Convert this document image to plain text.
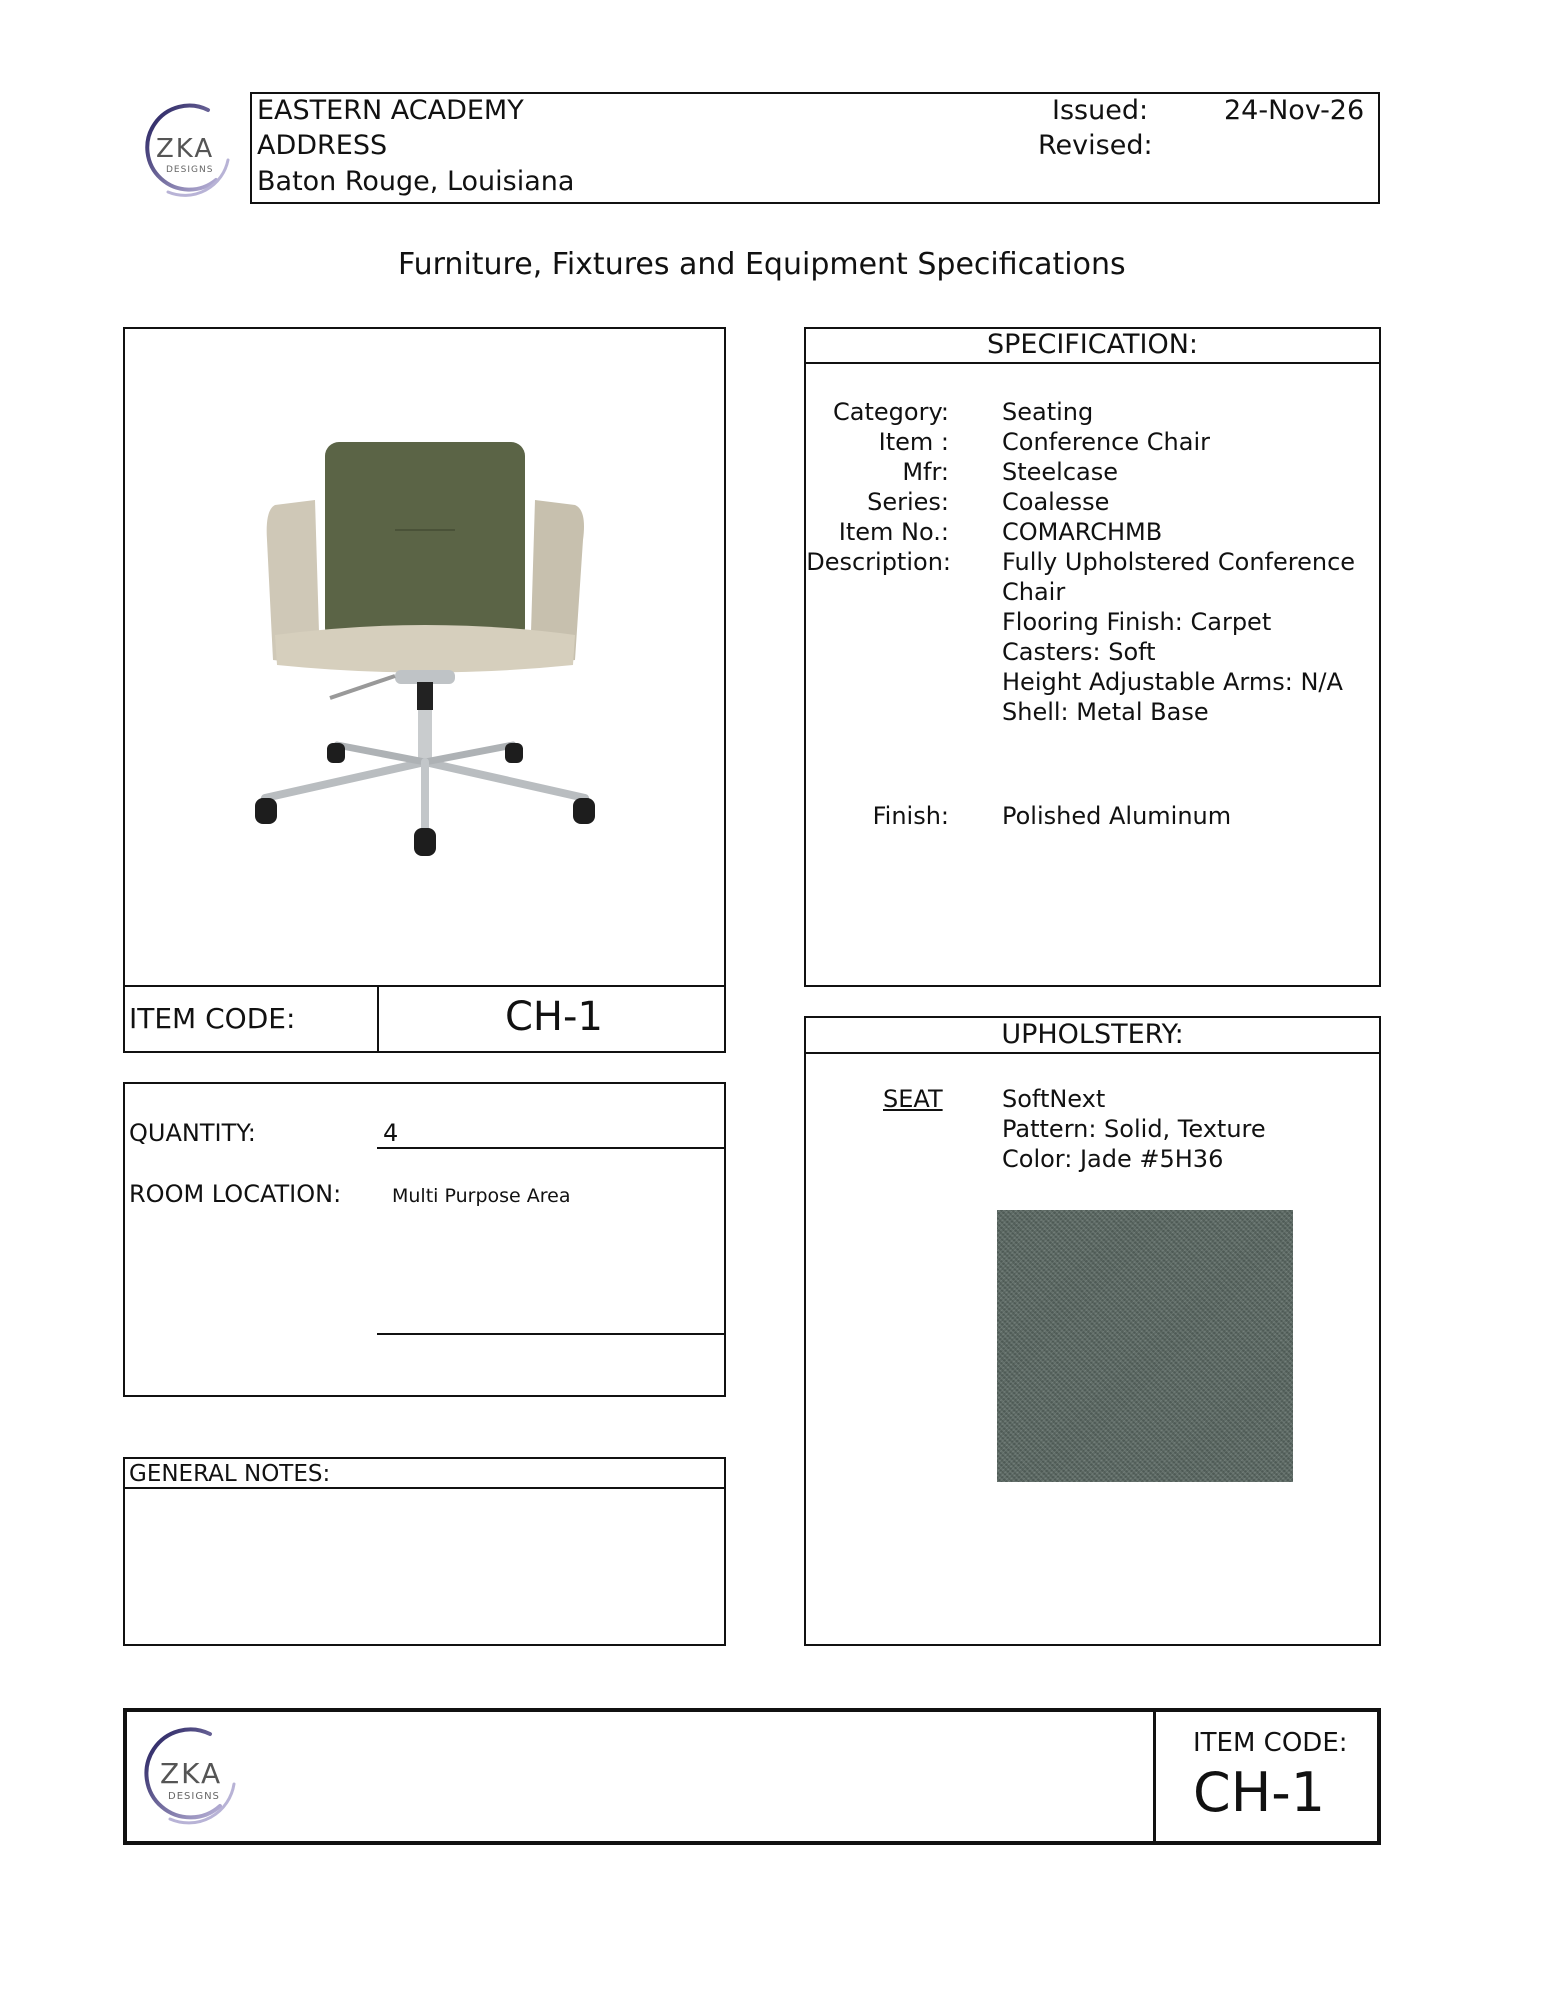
ZKA
DESIGNS
EASTERN ACADEMY
ADDRESS
Baton Rouge, Louisiana
Issued:	24-Nov-26
Revised:
Furniture, Fixtures and Equipment Specifications
ITEM CODE:	CH-1
QUANTITY:	4
ROOM LOCATION:	Multi Purpose Area
GENERAL NOTES:
SPECIFICATION:
Category: Seating
Item : Conference Chair
Mfr: Steelcase
Series: Coalesse
Item No.: COMARCHMB
Description: Fully Upholstered Conference
Chair
Flooring Finish: Carpet
Casters: Soft
Height Adjustable Arms: N/A
Shell: Metal Base
Finish: Polished Aluminum
UPHOLSTERY:
SEAT SoftNext
Pattern: Solid, Texture
Color: Jade #5H36
ZKA
DESIGNS
ITEM CODE:
CH-1
